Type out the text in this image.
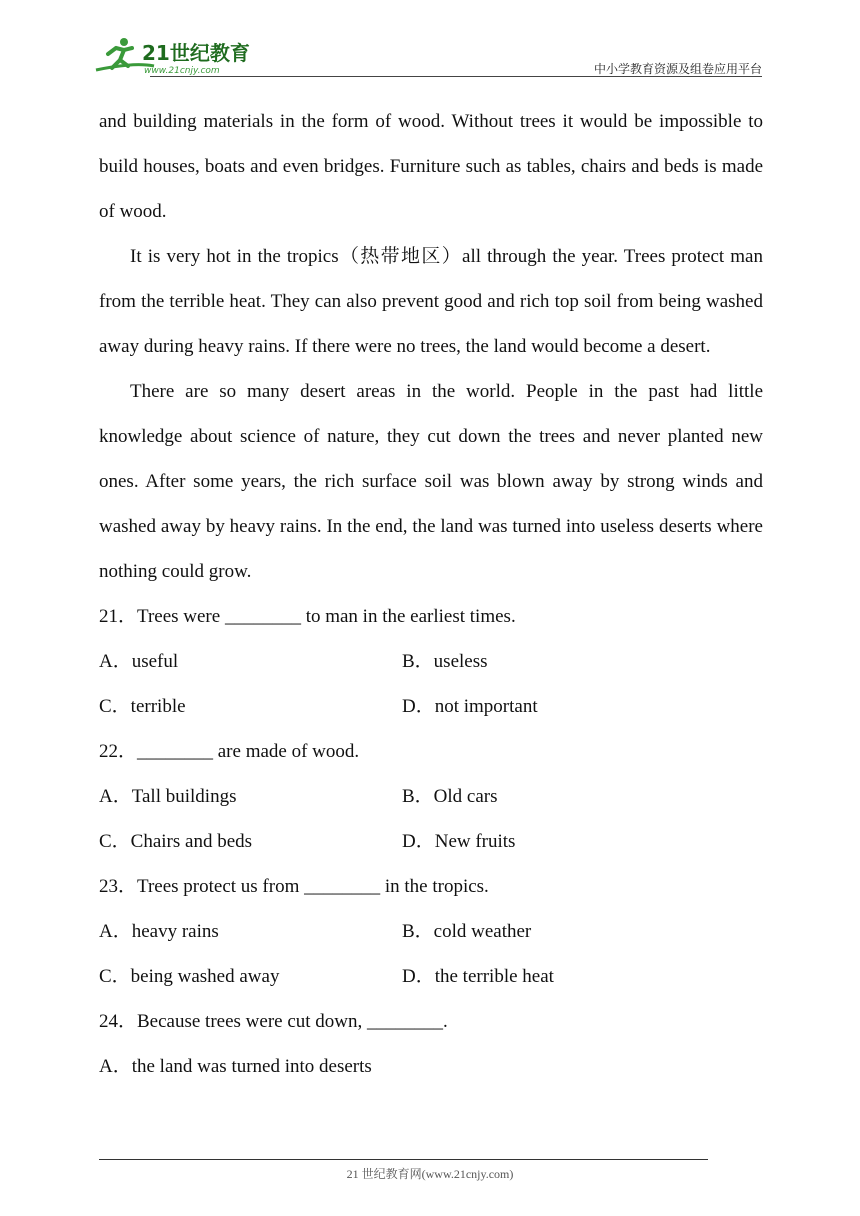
21世纪教育
www.21cnjy.com	中小学教育资源及组卷应用平台

and building materials in the form of wood. Without trees it would be impossible to build houses, boats and even bridges. Furniture such as tables, chairs and beds is made of wood.

It is very hot in the tropics（热带地区）all through the year. Trees protect man from the terrible heat. They can also prevent good and rich top soil from being washed away during heavy rains. If there were no trees, the land would become a desert.

There are so many desert areas in the world. People in the past had little knowledge about science of nature, they cut down the trees and never planted new ones. After some years, the rich surface soil was blown away by strong winds and washed away by heavy rains. In the end, the land was turned into useless deserts where nothing could grow.

21．Trees were ________ to man in the earliest times.
A．useful	B．useless
C．terrible	D．not important
22．________ are made of wood.
A．Tall buildings	B．Old cars
C．Chairs and beds	D．New fruits
23．Trees protect us from ________ in the tropics.
A．heavy rains	B．cold weather
C．being washed away	D．the terrible heat
24．Because trees were cut down, ________.
A．the land was turned into deserts
21 世纪教育网(www.21cnjy.com)
